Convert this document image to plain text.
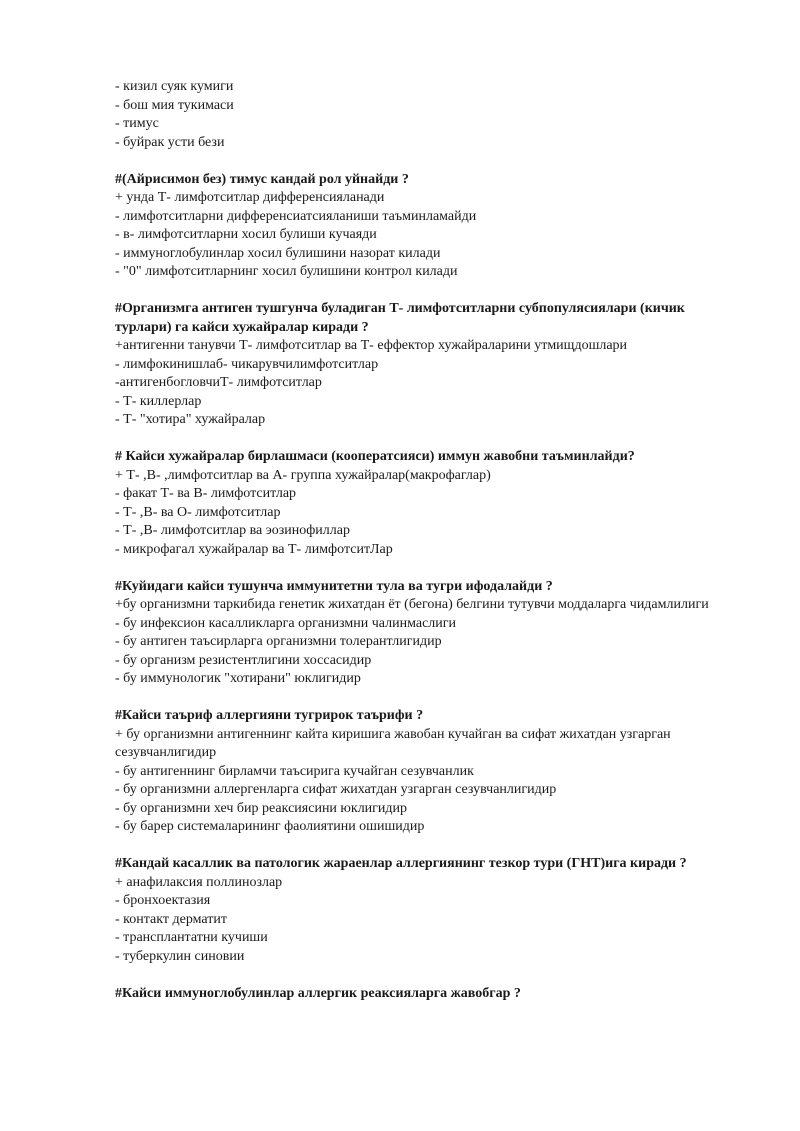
- кизил суяк кумиги
- бош мия тукимаси
- тимус
- буйрак усти бези
#(Айрисимон без) тимус кандай рол уйнайди ?
+ унда Т- лимфотситлар дифференсияланади
- лимфотситларни дифференсиатсияланиши таъминламайди
- в- лимфотситларни хосил булиши кучаяди
- иммуноглобулинлар хосил булишини назорат килади
- "0" лимфотситларнинг хосил булишини контрол килади
#Организмга антиген тушгунча буладиган Т- лимфотситларни субпопулясиялари (кичик турлари) га кайси хужайралар киради ?
+антигенни танувчи Т- лимфотситлар ва Т- еффектор хужайраларини утмищдошлари
- лимфокинишлаб- чикарувчилимфотситлар
-антигенбогловчиТ- лимфотситлар
- Т- киллерлар
- Т- "хотира" хужайралар
# Кайси хужайралар бирлашмаси (кооператсияси) иммун жавобни таъминлайди?
+ Т- ,В- ,лимфотситлар ва А- группа хужайралар(макрофаглар)
- факат Т- ва В- лимфотситлар
- Т- ,В- ва О- лимфотситлар
- Т- ,В- лимфотситлар ва эозинофиллар
- микрофагал хужайралар ва Т- лимфотситЛар
#Куйидаги кайси тушунча иммунитетни тула ва тугри ифодалайди ?
+бу организмни таркибида генетик жихатдан ёт (бегона) белгини тутувчи моддаларга чидамлилиги
- бу инфексион касалликларга организмни чалинмаслиги
- бу антиген таъсирларга организмни толерантлигидир
- бу организм резистентлигини хоссасидир
- бу иммунологик "хотирани" юклигидир
#Кайси таъриф аллергияни тугрирок таърифи ?
+ бу организмни антигеннинг кайта киришига жавобан кучайган ва сифат жихатдан узгарган сезувчанлигидир
- бу антигеннинг бирламчи таъсирига кучайган сезувчанлик
- бу организмни аллергенларга сифат жихатдан узгарган сезувчанлигидир
- бу организмни хеч бир реаксиясини юклигидир
- бу барер системаларининг фаолиятини ошишидир
#Кандай касаллик ва патологик жараенлар аллергиянинг тезкор тури (ГНТ)ига киради ?
+ анафилаксия поллинозлар
- бронхоектазия
- контакт дерматит
- трансплантатни кучиши
- туберкулин синовии
#Кайси иммуноглобулинлар аллергик реаксияларга жавобгар ?
